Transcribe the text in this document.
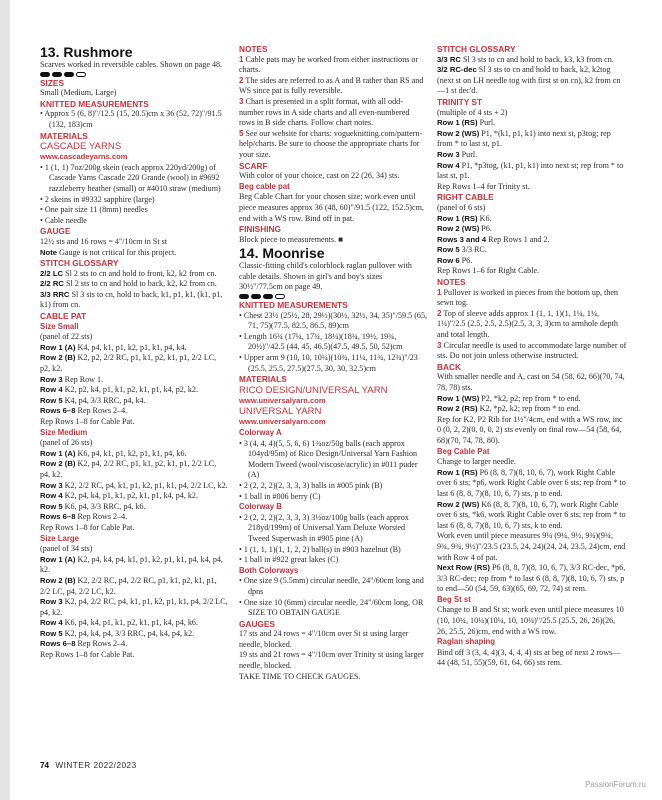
13. Rushmore

Scarves worked in reversible cables. Shown on page 48.

SIZES

Small (Medium, Large)

KNITTED MEASUREMENTS

• Approx 5 (6, 8)"/12.5 (15, 20.5)cm x 36 (52, 72)"/91.5 (132, 183)cm

MATERIALS

CASCADE YARNS

www.cascadeyarns.com

• 1 (1, 1) 7oz/200g skein (each approx 220yd/200g) of Cascade Yarns Cascade 220 Grande (wool) in #9692 razzleberry heather (small) or #4010 straw (medium)

• 2 skeins in #9332 sapphire (large)

• One pair size 11 (8mm) needles

• Cable needle

GAUGE

12½ sts and 16 rows = 4"/10cm in St st

Note Gauge is not critical for this project.

STITCH GLOSSARY

2/2 LC Sl 2 sts to cn and hold to front, k2, k2 from cn.

2/2 RC Sl 2 sts to cn and hold to back, k2, k2 from cn.

3/3 RRC Sl 3 sts to cn, hold to back, k1, p1, k1, (k1, p1, k1) from cn.

CABLE PAT

Size Small

(panel of 22 sts)

Row 1 (A) K4, p4, k1, p1, k2, p1, k1, p4, k4.

Row 2 (B) K2, p2, 2/2 RC, p1, k1, p2, k1, p1, 2/2 LC, p2, k2.

Row 3 Rep Row 1.

Row 4 K2, p2, k4, p1, k1, p2, k1, p1, k4, p2, k2.

Row 5 K4, p4, 3/3 RRC, p4, k4.

Rows 6–8 Rep Rows 2–4.

Rep Rows 1–8 for Cable Pat.

Size Medium

(panel of 26 sts)

Row 1 (A) K6, p4, k1, p1, k2, p1, k1, p4, k6.

Row 2 (B) K2, p4, 2/2 RC, p1, k1, p2, k1, p1, 2/2 LC, p4, k2.

Row 3 K2, 2/2 RC, p4, k1, p1, k2, p1, k1, p4, 2/2 LC, k2.

Row 4 K2, p4, k4, p1, k1, p2, k1, p1, k4, p4, k2.

Row 5 K6, p4, 3/3 RRC, p4, k6.

Rows 6–8 Rep Rows 2–4.

Rep Rows 1–8 for Cable Pat.

Size Large

(panel of 34 sts)

Row 1 (A) K2, p4, k4, p4, k1, p1, k2, p1, k1, p4, k4, p4, k2.

Row 2 (B) K2, 2/2 RC, p4, 2/2 RC, p1, k1, p2, k1, p1, 2/2 LC, p4, 2/2 LC, k2.

Row 3 K2, p4, 2/2 RC, p4, k1, p1, k2, p1, k1, p4, 2/2 LC, p4, k2.

Row 4 K6, p4, k4, p1, k1, p2, k1, p1, k4, p4, k6.

Row 5 K2, p4, k4, p4, 3/3 RRC, p4, k4, p4, k2.

Rows 6–8 Rep Rows 2–4.

Rep Rows 1–8 for Cable Pat.

NOTES

1 Cable pats may be worked from either instructions or charts.

2 The sides are referred to as A and B rather than RS and WS since pat is fully reversible.

3 Chart is presented in a split format, with all odd-number rows in A side charts and all even-numbered rows in B side charts. Follow chart notes.

5 See our website for charts: vogueknitting.com/pattern-help/charts. Be sure to choose the appropriate charts for your size.

SCARF

With color of your choice, cast on 22 (26, 34) sts.

Beg cable pat

Beg Cable Chart for your chosen size; work even until piece measures approx 36 (48, 60)"/91.5 (122, 152.5)cm, end with a WS row. Bind off in pat.

FINISHING

Block piece to measurements. ■

14. Moonrise

Classic-fitting child's colorblock raglan pullover with cable details. Shown in girl's and boy's sizes 30½"/77.5cm on page 49.

KNITTED MEASUREMENTS

• Chest 23½ (25½, 28, 29½)(30½, 32½, 34, 35)"/59.5 (65, 71, 75)(77.5, 82.5, 86.5, 89)cm

• Length 16¾ (17¼, 17¾, 18¼)(18¾, 19½, 19¾, 20½)"/42.5 (44, 45, 46.5)(47.5, 49.5, 50, 52)cm

• Upper arm 9 (10, 10, 10¼)(10¾, 11¼, 11¾, 12¾)"/23 (25.5, 25.5, 27.5)(27.5, 30, 30, 32.5)cm

MATERIALS

RICO DESIGN/UNIVERSAL YARN

www.universalyarn.com

UNIVERSAL YARN

www.universalyarn.com

Colorway A

• 3 (4, 4, 4)(5, 5, 6, 6) 1¾oz/50g balls (each approx 104yd/95m) of Rico Design/Universal Yarn Fashion Modern Tweed (wool/viscose/acrylic) in #011 puder (A)

• 2 (2, 2, 2)(2, 3, 3, 3) balls in #005 pink (B)

• 1 ball in #006 berry (C)

Colorway B

• 2 (2, 2, 2)(2, 3, 3, 3) 3½oz/100g balls (each approx 218yd/199m) of Universal Yarn Deluxe Worsted Tweed Superwash in #905 pine (A)

• 1 (1, 1, 1)(1, 1, 2, 2) ball(s) in #903 hazelnut (B)

• 1 ball in #922 great lakes (C)

Both Colorways

• One size 9 (5.5mm) circular needle, 24"/60cm long and dpns

• One size 10 (6mm) circular needle, 24"/60cm long, OR SIZE TO OBTAIN GAUGE

GAUGES

17 sts and 24 rows = 4"/10cm over St st using larger needle, blocked.

19 sts and 21 rows = 4"/10cm over Trinity st using larger needle, blocked.

TAKE TIME TO CHECK GAUGES.

STITCH GLOSSARY

3/3 RC Sl 3 sts to cn and hold to back, k3, k3 from cn.

3/2 RC-dec Sl 3 sts to cn and hold to back, k2, k2tog (next st on LH needle tog with first st on cn), k2 from cn—1 st dec'd.

TRINITY ST

(multiple of 4 sts + 2)

Row 1 (RS) Purl.

Row 2 (WS) P1, *(k1, p1, k1) into next st, p3tog; rep from * to last st, p1.

Row 3 Purl.

Row 4 P1, *p3tog, (k1, p1, k1) into next st; rep from * to last st, p1.

Rep Rows 1–4 for Trinity st.

RIGHT CABLE

(panel of 6 sts)

Row 1 (RS) K6.

Row 2 (WS) P6.

Rows 3 and 4 Rep Rows 1 and 2.

Row 5 3/3 RC.

Row 6 P6.

Rep Rows 1–6 for Right Cable.

NOTES

1 Pullover is worked in pieces from the bottom up, then sewn tog.

2 Top of sleeve adds approx 1 (1, 1, 1)(1, 1¼, 1¼, 1¼)"/2.5 (2.5, 2.5, 2.5)(2.5, 3, 3, 3)cm to armhole depth and total length.

3 Circular needle is used to accommodate large number of sts. Do not join unless otherwise instructed.

BACK

With smaller needle and A, cast on 54 (58, 62, 66)(70, 74, 78, 78) sts.

Row 1 (WS) P2, *k2, p2; rep from * to end.

Row 2 (RS) K2, *p2, k2; rep from * to end.

Rep for K2, P2 Rib for 1½"/4cm, end with a WS row, inc 0 (0, 2, 2)(0, 0, 0, 2) sts evenly on final row—54 (58, 64, 68)(70, 74, 78, 80).

Beg Cable Pat

Change to larger needle.

Row 1 (RS) P6 (8, 8, 7)(8, 10, 6, 7), work Right Cable over 6 sts; *p6, work Right Cable over 6 sts; rep from * to last 6 (8, 8, 7)(8, 10, 6, 7) sts, p to end.

Row 2 (WS) K6 (8, 8, 7)(8, 10, 6, 7), work Right Cable over 6 sts, *k6, work Right Cable over 6 sts; rep from * to last 6 (8, 8, 7)(8, 10, 6, 7) sts, k to end.

Work even until piece measures 9¼ (9¼, 9½, 9¾)(9¾, 9¾, 9¾, 9½)"/23.5 (23.5, 24, 24)(24, 24, 23.5, 24)cm, end with Row 4 of pat.

Next Row (RS) P6 (8, 8, 7)(8, 10, 6, 7), 3/3 RC-dec, *p6, 3/3 RC-dec; rep from * to last 6 (8, 8, 7)(8, 10, 6, 7) sts, p to end—50 (54, 59, 63)(65, 69, 72, 74) st rem.

Beg St st

Change to B and St st; work even until piece measures 10 (10, 10¼, 10¼)(10¼, 10, 10¼)"/25.5 (25.5, 26, 26)(26, 26, 25.5, 26)cm, end with a WS row.

Raglan shaping

Bind off 3 (3, 4, 4)(3, 4, 4, 4) sts at beg of next 2 rows—44 (48, 51, 55)(59, 61, 64, 66) sts rem.

74 WINTER 2022/2023
PassionForum.ru
